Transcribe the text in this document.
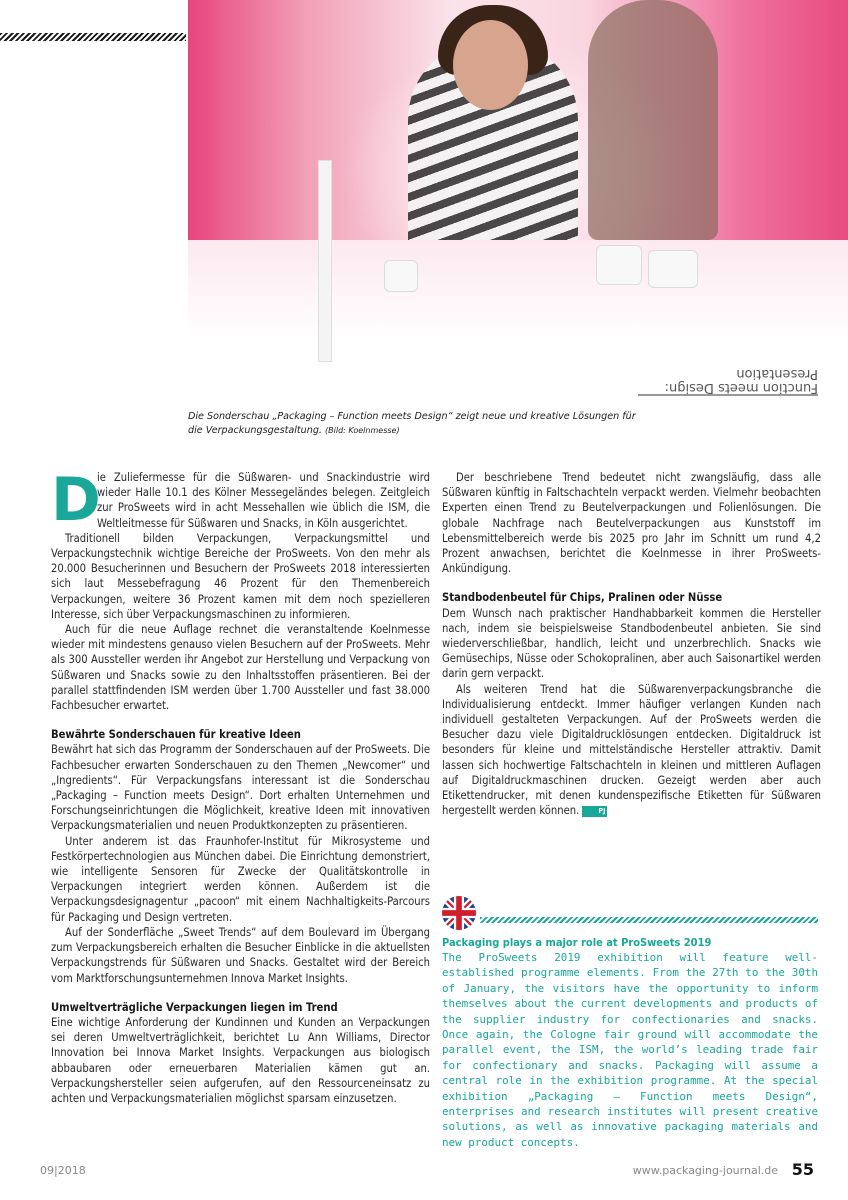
Function meets Design: Presentation
Die Sonderschau „Packaging – Function meets Design“ zeigt neue und kreative Lösungen für die Verpackungsgestaltung. (Bild: Koelnmesse)

D
ie Zuliefermesse für die Süßwaren- und Snackindustrie wird wieder Halle 10.1 des Kölner Messegeländes belegen. Zeitgleich zur ProSweets wird in acht Messehallen wie üblich die ISM, die Weltleitmesse für Süßwaren und Snacks, in Köln ausgerichtet.

Traditionell bilden Verpackungen, Verpackungsmittel und Verpackungstechnik wichtige Bereiche der ProSweets. Von den mehr als 20.000 Besucherinnen und Besuchern der ProSweets 2018 interessierten sich laut Messebefragung 46 Prozent für den Themenbereich Verpackungen, weitere 36 Prozent kamen mit dem noch spezielleren Interesse, sich über Verpackungsmaschinen zu informieren.

Auch für die neue Auflage rechnet die veranstaltende Koelnmesse wieder mit mindestens genauso vielen Besuchern auf der ProSweets. Mehr als 300 Aussteller werden ihr Angebot zur Herstellung und Verpackung von Süßwaren und Snacks sowie zu den Inhaltsstoffen präsentieren. Bei der parallel stattfindenden ISM werden über 1.700 Aussteller und fast 38.000 Fachbesucher erwartet.

Bewährte Sonderschauen für kreative Ideen

Bewährt hat sich das Programm der Sonderschauen auf der ProSweets. Die Fachbesucher erwarten Sonderschauen zu den Themen „Newcomer“ und „Ingredients“. Für Verpackungsfans interessant ist die Sonderschau „Packaging – Function meets Design“. Dort erhalten Unternehmen und Forschungseinrichtungen die Möglichkeit, kreative Ideen mit innovativen Verpackungsmaterialien und neuen Produktkonzepten zu präsentieren.

Unter anderem ist das Fraunhofer-Institut für Mikrosysteme und Festkörpertechnologien aus München dabei. Die Einrichtung demonstriert, wie intelligente Sensoren für Zwecke der Qualitätskontrolle in Verpackungen integriert werden können. Außerdem ist die Verpackungsdesignagentur „pacoon“ mit einem Nachhaltigkeits-Parcours für Packaging und Design vertreten.

Auf der Sonderfläche „Sweet Trends“ auf dem Boulevard im Übergang zum Verpackungsbereich erhalten die Besucher Einblicke in die aktuellsten Verpackungstrends für Süßwaren und Snacks. Gestaltet wird der Bereich vom Marktforschungsunternehmen Innova Market Insights.

Umweltverträgliche Verpackungen liegen im Trend

Eine wichtige Anforderung der Kundinnen und Kunden an Verpackungen sei deren Umweltverträglichkeit, berichtet Lu Ann Williams, Director Innovation bei Innova Market Insights. Verpackungen aus biologisch abbaubaren oder erneuerbaren Materialien kämen gut an. Verpackungshersteller seien aufgerufen, auf den Ressourceneinsatz zu achten und Verpackungsmaterialien möglichst sparsam einzusetzen.

Der beschriebene Trend bedeutet nicht zwangsläufig, dass alle Süßwaren künftig in Faltschachteln verpackt werden. Vielmehr beobachten Experten einen Trend zu Beutelverpackungen und Folienlösungen. Die globale Nachfrage nach Beutelverpackungen aus Kunststoff im Lebensmittelbereich werde bis 2025 pro Jahr im Schnitt um rund 4,2 Prozent anwachsen, berichtet die Koelnmesse in ihrer ProSweets-Ankündigung.

Standbodenbeutel für Chips, Pralinen oder Nüsse

Dem Wunsch nach praktischer Handhabbarkeit kommen die Hersteller nach, indem sie beispielsweise Standbodenbeutel anbieten. Sie sind wiederverschließbar, handlich, leicht und unzerbrechlich. Snacks wie Gemüsechips, Nüsse oder Schokopralinen, aber auch Saisonartikel werden darin gern verpackt.

Als weiteren Trend hat die Süßwarenverpackungsbranche die Individualisierung entdeckt. Immer häufiger verlangen Kunden nach individuell gestalteten Verpackungen. Auf der ProSweets werden die Besucher dazu viele Digitaldrucklösungen entdecken. Digitaldruck ist besonders für kleine und mittelständische Hersteller attraktiv. Damit lassen sich hochwertige Faltschachteln in kleinen und mittleren Auflagen auf Digitaldruckmaschinen drucken. Gezeigt werden aber auch Etikettendrucker, mit denen kundenspezifische Etiketten für Süßwaren hergestellt werden können.	PJ

Packaging plays a major role at ProSweets 2019

The ProSweets 2019 exhibition will feature well-established programme elements. From the 27th to the 30th of January, the visitors have the opportunity to inform themselves about the current developments and products of the supplier industry for confectionaries and snacks. Once again, the Cologne fair ground will accommodate the parallel event, the ISM, the world’s leading trade fair for confectionary and snacks. Packaging will assume a central role in the exhibition programme. At the special exhibition „Packaging – Function meets Design“, enterprises and research institutes will present creative solutions, as well as innovative packaging materials and new product concepts.

09|2018	www.packaging-journal.de 55
